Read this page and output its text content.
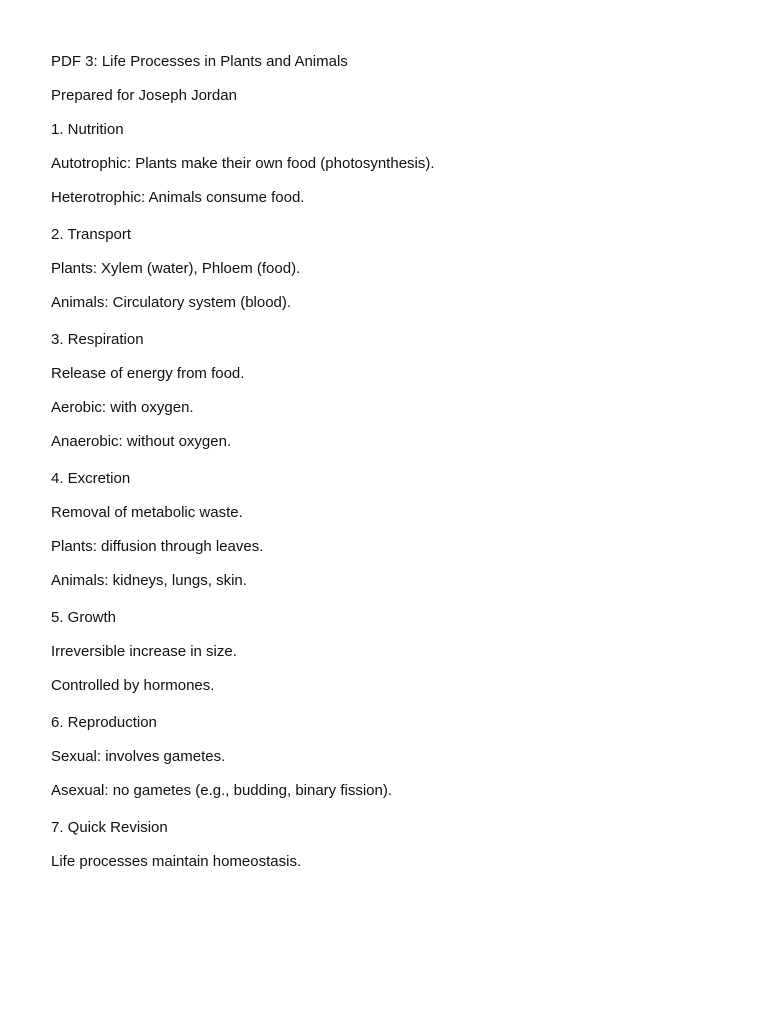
PDF 3: Life Processes in Plants and Animals
Prepared for Joseph Jordan
1. Nutrition
Autotrophic: Plants make their own food (photosynthesis).
Heterotrophic: Animals consume food.
2. Transport
Plants: Xylem (water), Phloem (food).
Animals: Circulatory system (blood).
3. Respiration
Release of energy from food.
Aerobic: with oxygen.
Anaerobic: without oxygen.
4. Excretion
Removal of metabolic waste.
Plants: diffusion through leaves.
Animals: kidneys, lungs, skin.
5. Growth
Irreversible increase in size.
Controlled by hormones.
6. Reproduction
Sexual: involves gametes.
Asexual: no gametes (e.g., budding, binary fission).
7. Quick Revision
Life processes maintain homeostasis.
